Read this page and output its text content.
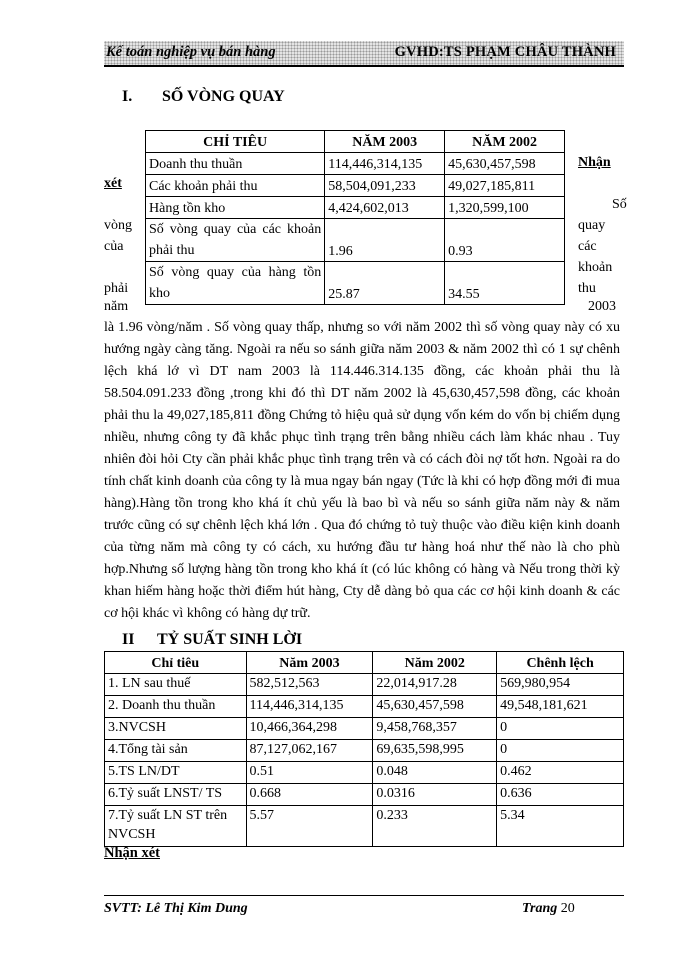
Kế toán nghiệp vụ bán hàng	GVHD:TS PHẠM CHÂU THÀNH
I. SỐ VÒNG QUAY
CHỈ TIÊU	NĂM 2003	NĂM 2002
Doanh thu thuần	114,446,314,135	45,630,457,598
Các khoản phải thu	58,504,091,233	49,027,185,811
Hàng tồn kho	4,424,602,013	1,320,599,100
Số vòng quay của các khoản phải thu	1.96	0.93
Số vòng quay của hàng tồn kho	25.87	34.55
xét
vòng
của
phải
năm
Nhận
Số
quay
các
khoản
thu
2003
là 1.96 vòng/năm . Số vòng quay thấp, nhưng so với năm 2002 thì số vòng quay này có xu hướng ngày càng tăng. Ngoài ra nếu so sánh giữa năm 2003 & năm 2002 thì có 1 sự chênh lệch khá lớ vì DT nam 2003 là 114.446.314.135 đồng, các khoản phải thu là 58.504.091.233 đồng ,trong khi đó thì DT năm 2002 là 45,630,457,598 đồng, các khoản phải thu la 49,027,185,811 đồng Chứng tỏ hiệu quả sử dụng vốn kém do vốn bị chiếm dụng nhiều, nhưng công ty đã khắc phục tình trạng trên bằng nhiều cách làm khác nhau . Tuy nhiên đòi hỏi Cty cần phải khắc phục tình trạng trên và có cách đòi nợ tốt hơn. Ngoài ra do tính chất kinh doanh của công ty là mua ngay bán ngay (Tức là khi có hợp đồng mới đi mua hàng).Hàng tồn trong kho khá ít chủ yếu là bao bì và nếu so sánh giữa năm này & năm trước cũng có sự chênh lệch khá lớn . Qua đó chứng tỏ tuỳ thuộc vào điều kiện kinh doanh của từng năm mà công ty có cách, xu hướng đầu tư hàng hoá như thế nào là cho phù hợp.Nhưng số lượng hàng tồn trong kho khá ít (có lúc không có hàng và Nếu trong thời kỳ khan hiếm hàng hoặc thời điểm hút hàng, Cty dễ dàng bỏ qua các cơ hội kinh doanh & các cơ hội khác vì không có hàng dự trữ.
II TỶ SUẤT SINH LỜI
Chỉ tiêu	Năm 2003	Năm 2002	Chênh lệch
1. LN sau thuế	582,512,563	22,014,917.28	569,980,954
2. Doanh thu thuần	114,446,314,135	45,630,457,598	49,548,181,621
3.NVCSH	10,466,364,298	9,458,768,357	0
4.Tổng tài sản	87,127,062,167	69,635,598,995	0
5.TS LN/DT	0.51	0.048	0.462
6.Tỷ suất LNST/ TS	0.668	0.0316	0.636
7.Tỷ suất LN ST trên NVCSH	5.57	0.233	5.34
Nhận xét
SVTT: Lê Thị Kim Dung	Trang 20
